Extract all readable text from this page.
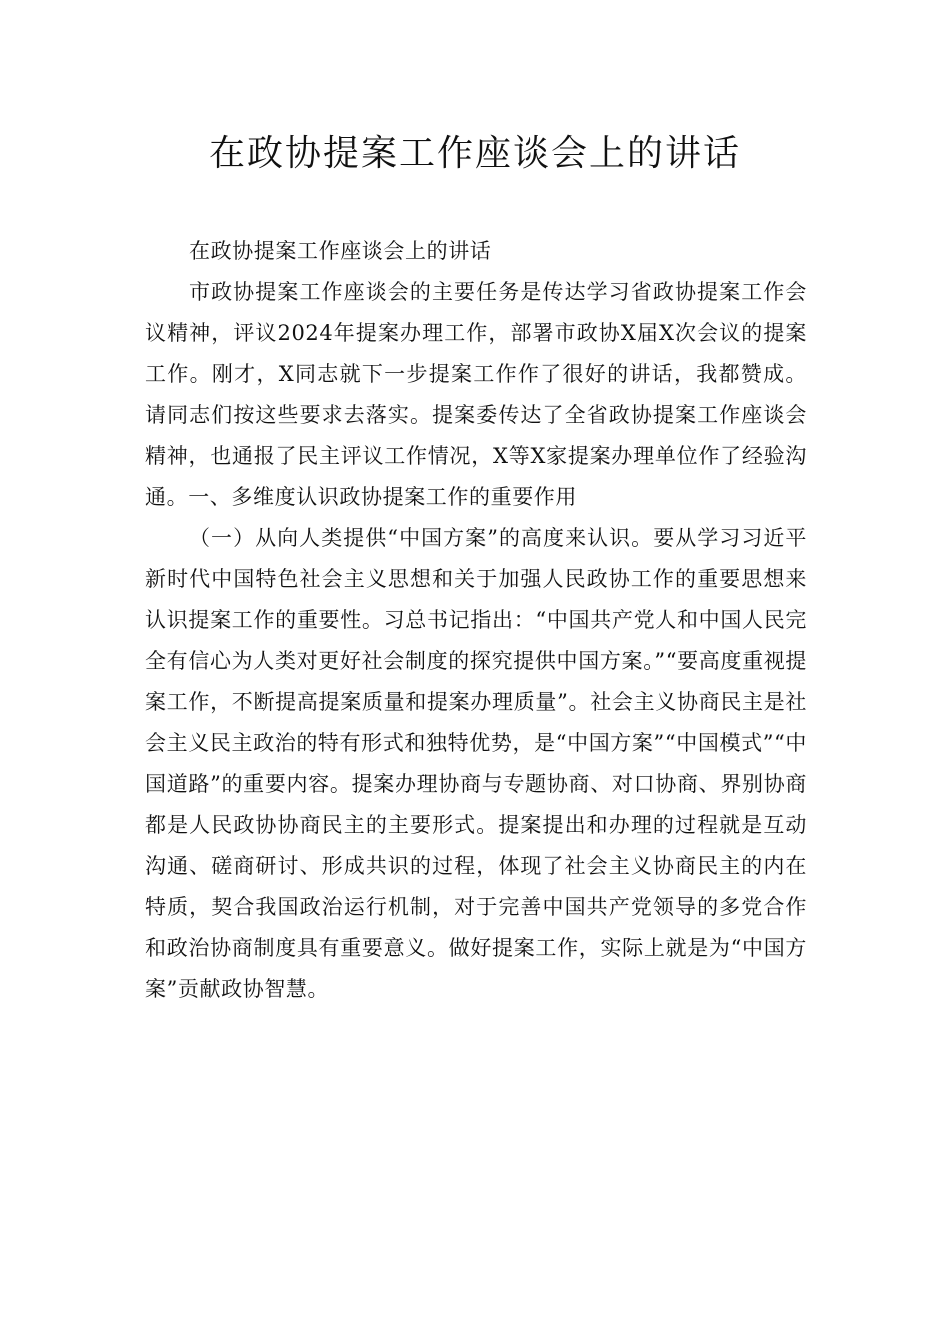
在政协提案工作座谈会上的讲话

在政协提案工作座谈会上的讲话

市政协提案工作座谈会的主要任务是传达学习省政协提案工作会议精神，评议2024年提案办理工作，部署市政协X届X次会议的提案工作。刚才，X同志就下一步提案工作作了很好的讲话，我都赞成。请同志们按这些要求去落实。提案委传达了全省政协提案工作座谈会精神，也通报了民主评议工作情况，X等X家提案办理单位作了经验沟通。一、多维度认识政协提案工作的重要作用

（一）从向人类提供“中国方案”的高度来认识。要从学习习近平新时代中国特色社会主义思想和关于加强人民政协工作的重要思想来认识提案工作的重要性。习总书记指出：“中国共产党人和中国人民完全有信心为人类对更好社会制度的探究提供中国方案。”“要高度重视提案工作，不断提高提案质量和提案办理质量”。社会主义协商民主是社会主义民主政治的特有形式和独特优势，是“中国方案”“中国模式”“中国道路”的重要内容。提案办理协商与专题协商、对口协商、界别协商都是人民政协协商民主的主要形式。提案提出和办理的过程就是互动沟通、磋商研讨、形成共识的过程，体现了社会主义协商民主的内在特质，契合我国政治运行机制，对于完善中国共产党领导的多党合作和政治协商制度具有重要意义。做好提案工作，实际上就是为“中国方案”贡献政协智慧。
